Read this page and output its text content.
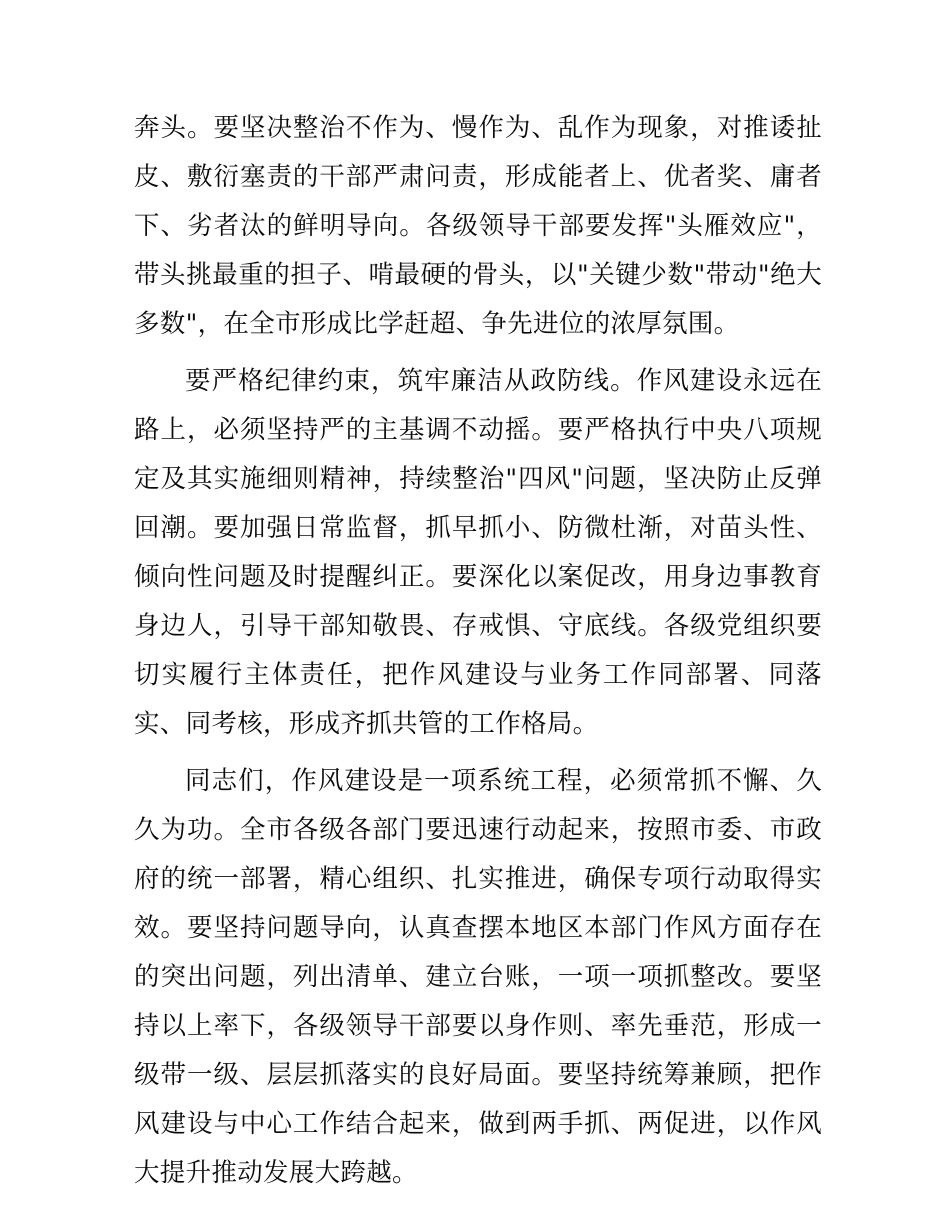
奔头。要坚决整治不作为、慢作为、乱作为现象，对推诿扯皮、敷衍塞责的干部严肃问责，形成能者上、优者奖、庸者下、劣者汰的鲜明导向。各级领导干部要发挥"头雁效应"，带头挑最重的担子、啃最硬的骨头，以"关键少数"带动"绝大多数"，在全市形成比学赶超、争先进位的浓厚氛围。

要严格纪律约束，筑牢廉洁从政防线。作风建设永远在路上，必须坚持严的主基调不动摇。要严格执行中央八项规定及其实施细则精神，持续整治"四风"问题，坚决防止反弹回潮。要加强日常监督，抓早抓小、防微杜渐，对苗头性、倾向性问题及时提醒纠正。要深化以案促改，用身边事教育身边人，引导干部知敬畏、存戒惧、守底线。各级党组织要切实履行主体责任，把作风建设与业务工作同部署、同落实、同考核，形成齐抓共管的工作格局。

同志们，作风建设是一项系统工程，必须常抓不懈、久久为功。全市各级各部门要迅速行动起来，按照市委、市政府的统一部署，精心组织、扎实推进，确保专项行动取得实效。要坚持问题导向，认真查摆本地区本部门作风方面存在的突出问题，列出清单、建立台账，一项一项抓整改。要坚持以上率下，各级领导干部要以身作则、率先垂范，形成一级带一级、层层抓落实的良好局面。要坚持统筹兼顾，把作风建设与中心工作结合起来，做到两手抓、两促进，以作风大提升推动发展大跨越。
